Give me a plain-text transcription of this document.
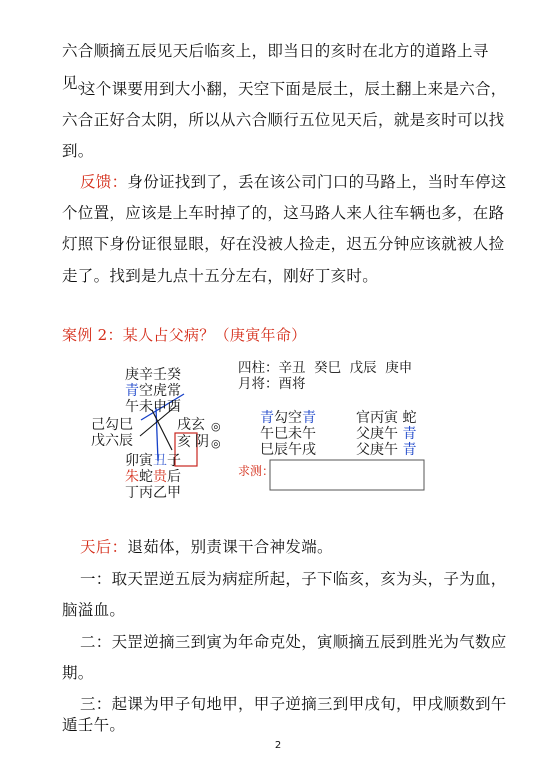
六合顺摘五辰见天后临亥上，即当日的亥时在北方的道路上寻见。

这个课要用到大小翻，天空下面是辰土，辰土翻上来是六合，

六合正好合太阴，所以从六合顺行五位见天后，就是亥时可以找

到。

反馈：身份证找到了，丢在该公司门口的马路上，当时车停这

个位置，应该是上车时掉了的，这马路人来人往车辆也多，在路

灯照下身份证很显眼，好在没被人捡走，迟五分钟应该就被人捡

走了。找到是九点十五分左右，刚好丁亥时。

案例 2：某人占父病？（庚寅年命）

庚辛壬癸
青空虎常
午未申酉
己勾巳	戌玄 ◎
戊六辰	亥 阴 ◎
卯寅丑子
朱蛇贵后
丁丙乙甲
四柱：辛丑  癸巳  戊辰  庚申
月将：酉将
青勾空青
午巳未午
巳辰午戌
官丙寅 蛇
父庚午 青
父庚午 青
求测：

天后：退茹体，别责课干合神发端。

一：取天罡逆五辰为病症所起，子下临亥，亥为头，子为血，

脑溢血。

二：天罡逆摘三到寅为年命克处，寅顺摘五辰到胜光为气数应

期。

三：起课为甲子旬地甲，甲子逆摘三到甲戌旬，甲戌顺数到午

遁壬午。

2
